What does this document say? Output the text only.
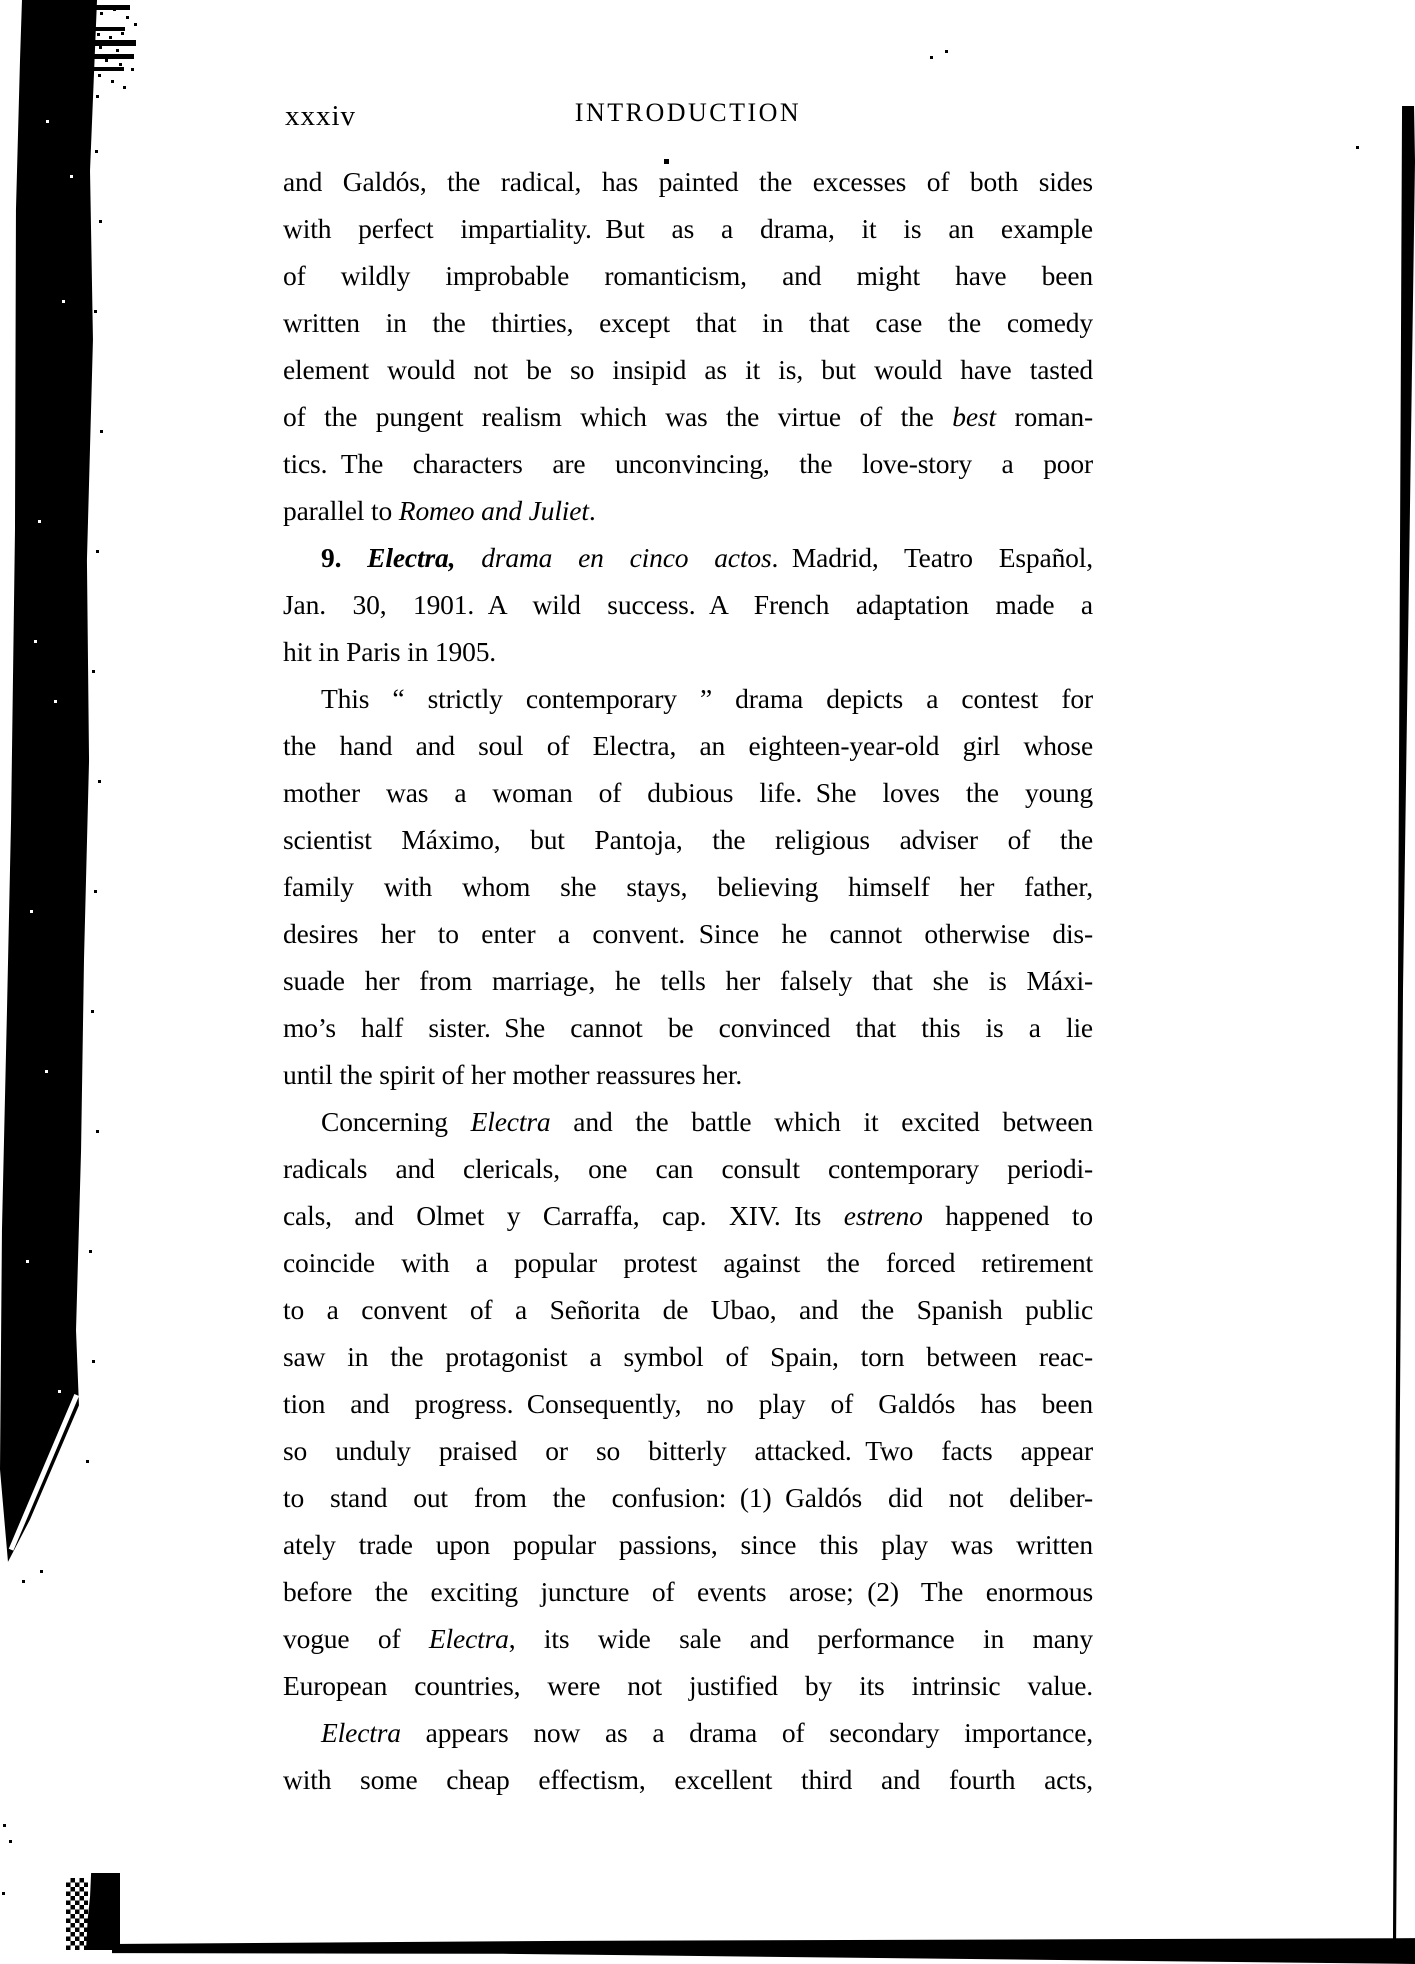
xxxiv	INTRODUCTION
and Galdós, the radical, has painted the excesses of both sides
with perfect impartiality. But as a drama, it is an example
of wildly improbable romanticism, and might have been
written in the thirties, except that in that case the comedy
element would not be so insipid as it is, but would have tasted
of the pungent realism which was the virtue of the best roman-
tics. The characters are unconvincing, the love-story a poor
parallel to Romeo and Juliet.
9. Electra, drama en cinco actos. Madrid, Teatro Español,
Jan. 30, 1901. A wild success. A French adaptation made a
hit in Paris in 1905.
This “ strictly contemporary ” drama depicts a contest for
the hand and soul of Electra, an eighteen-year-old girl whose
mother was a woman of dubious life. She loves the young
scientist Máximo, but Pantoja, the religious adviser of the
family with whom she stays, believing himself her father,
desires her to enter a convent. Since he cannot otherwise dis-
suade her from marriage, he tells her falsely that she is Máxi-
mo’s half sister. She cannot be convinced that this is a lie
until the spirit of her mother reassures her.
Concerning Electra and the battle which it excited between
radicals and clericals, one can consult contemporary periodi-
cals, and Olmet y Carraffa, cap. XIV. Its estreno happened to
coincide with a popular protest against the forced retirement
to a convent of a Señorita de Ubao, and the Spanish public
saw in the protagonist a symbol of Spain, torn between reac-
tion and progress. Consequently, no play of Galdós has been
so unduly praised or so bitterly attacked. Two facts appear
to stand out from the confusion: (1) Galdós did not deliber-
ately trade upon popular passions, since this play was written
before the exciting juncture of events arose; (2) The enormous
vogue of Electra, its wide sale and performance in many
European countries, were not justified by its intrinsic value.
Electra appears now as a drama of secondary importance,
with some cheap effectism, excellent third and fourth acts,
